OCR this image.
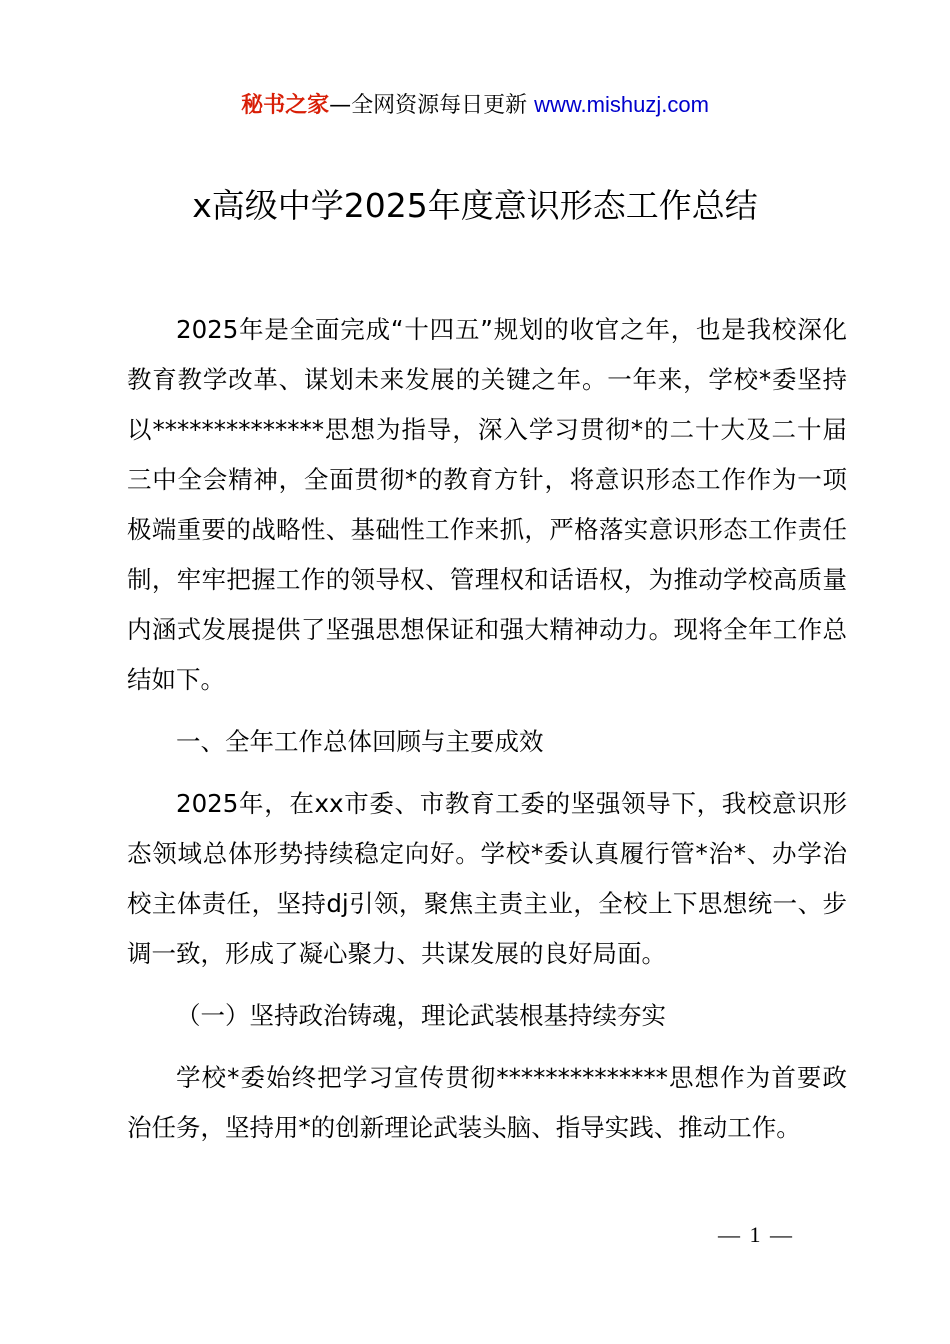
秘书之家—全网资源每日更新 www.mishuzj.com
x高级中学2025年度意识形态工作总结

2025年是全面完成“十四五”规划的收官之年，也是我校深化教育教学改革、谋划未来发展的关键之年。一年来，学校*委坚持以**************思想为指导，深入学习贯彻*的二十大及二十届三中全会精神，全面贯彻*的教育方针，将意识形态工作作为一项极端重要的战略性、基础性工作来抓，严格落实意识形态工作责任制，牢牢把握工作的领导权、管理权和话语权，为推动学校高质量内涵式发展提供了坚强思想保证和强大精神动力。现将全年工作总结如下。

一、全年工作总体回顾与主要成效

2025年，在xx市委、市教育工委的坚强领导下，我校意识形态领域总体形势持续稳定向好。学校*委认真履行管*治*、办学治校主体责任，坚持dj引领，聚焦主责主业，全校上下思想统一、步调一致，形成了凝心聚力、共谋发展的良好局面。

（一）坚持政治铸魂，理论武装根基持续夯实

学校*委始终把学习宣传贯彻**************思想作为首要政治任务，坚持用*的创新理论武装头脑、指导实践、推动工作。

— 1 —
